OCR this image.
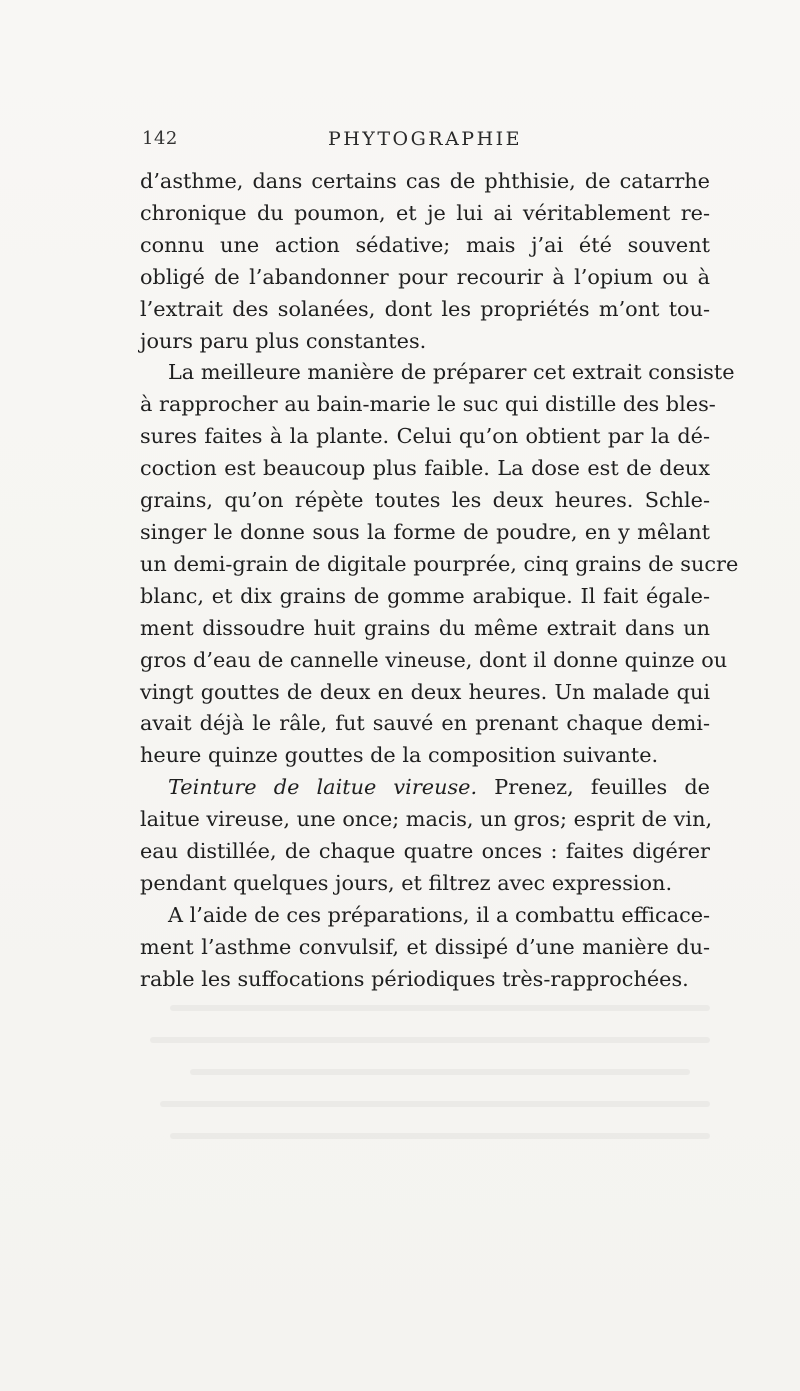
142	PHYTOGRAPHIE
d’asthme, dans certains cas de phthisie, de catarrhe
chronique du poumon, et je lui ai véritablement re-
connu une action sédative; mais j’ai été souvent
obligé de l’abandonner pour recourir à l’opium ou à
l’extrait des solanées, dont les propriétés m’ont tou-
jours paru plus constantes.
La meilleure manière de préparer cet extrait consiste
à rapprocher au bain-marie le suc qui distille des bles-
sures faites à la plante. Celui qu’on obtient par la dé-
coction est beaucoup plus faible. La dose est de deux
grains, qu’on répète toutes les deux heures. Schle-
singer le donne sous la forme de poudre, en y mêlant
un demi-grain de digitale pourprée, cinq grains de sucre
blanc, et dix grains de gomme arabique. Il fait égale-
ment dissoudre huit grains du même extrait dans un
gros d’eau de cannelle vineuse, dont il donne quinze ou
vingt gouttes de deux en deux heures. Un malade qui
avait déjà le râle, fut sauvé en prenant chaque demi-
heure quinze gouttes de la composition suivante.
Teinture de laitue vireuse. Prenez, feuilles de
laitue vireuse, une once; macis, un gros; esprit de vin,
eau distillée, de chaque quatre onces : faites digérer
pendant quelques jours, et filtrez avec expression.
A l’aide de ces préparations, il a combattu efficace-
ment l’asthme convulsif, et dissipé d’une manière du-
rable les suffocations périodiques très-rapprochées.
